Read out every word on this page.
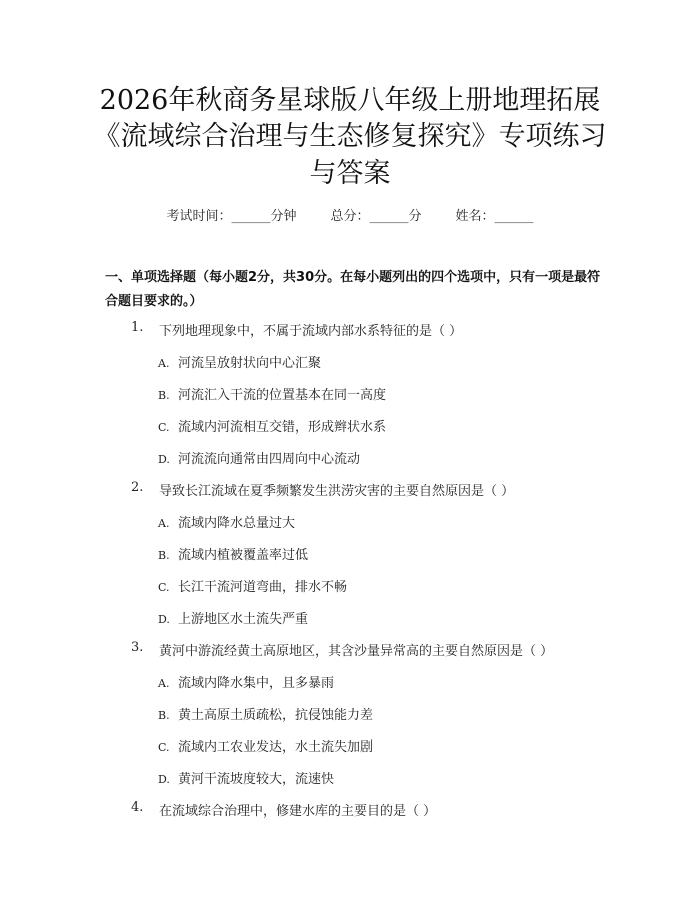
2026年秋商务星球版八年级上册地理拓展
《流域综合治理与生态修复探究》专项练习
与答案
考试时间：______分钟	总分：______分	姓名：______
一、单项选择题（每小题2分，共30分。在每小题列出的四个选项中，只有一项是最符合题目要求的。）
1. 下列地理现象中，不属于流域内部水系特征的是（ ）
A. 河流呈放射状向中心汇聚
B. 河流汇入干流的位置基本在同一高度
C. 流域内河流相互交错，形成辫状水系
D. 河流流向通常由四周向中心流动
2. 导致长江流域在夏季频繁发生洪涝灾害的主要自然原因是（ ）
A. 流域内降水总量过大
B. 流域内植被覆盖率过低
C. 长江干流河道弯曲，排水不畅
D. 上游地区水土流失严重
3. 黄河中游流经黄土高原地区，其含沙量异常高的主要自然原因是（ ）
A. 流域内降水集中，且多暴雨
B. 黄土高原土质疏松，抗侵蚀能力差
C. 流域内工农业发达，水土流失加剧
D. 黄河干流坡度较大，流速快
4. 在流域综合治理中，修建水库的主要目的是（ ）
